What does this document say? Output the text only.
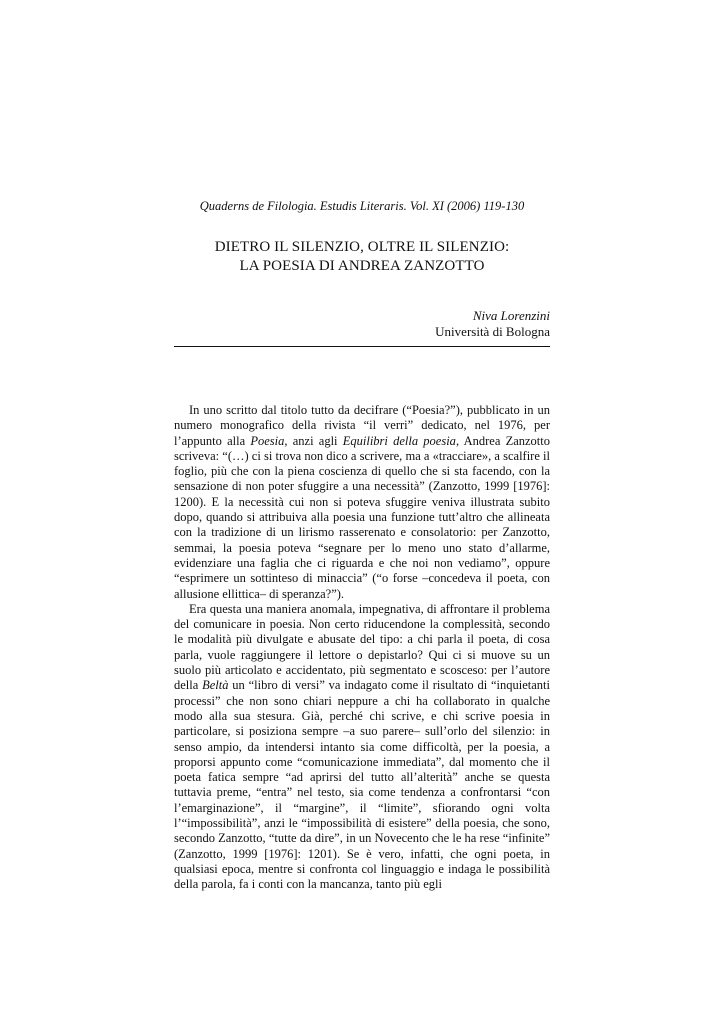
Quaderns de Filologia. Estudis Literaris. Vol. XI (2006) 119-130
DIETRO IL SILENZIO, OLTRE IL SILENZIO:
LA POESIA DI ANDREA ZANZOTTO
Niva Lorenzini
Università di Bologna

In uno scritto dal titolo tutto da decifrare (“Poesia?”), pubblicato in un numero monografico della rivista “il verri” dedicato, nel 1976, per l’appunto alla Poesia, anzi agli Equilibri della poesia, Andrea Zanzotto scriveva: “(…) ci si trova non dico a scrivere, ma a «tracciare», a scalfire il foglio, più che con la piena coscienza di quello che si sta facendo, con la sensazione di non poter sfuggire a una necessità” (Zanzotto, 1999 [1976]: 1200). E la necessità cui non si poteva sfuggire veniva illustrata subito dopo, quando si attribuiva alla poesia una funzione tutt’altro che allineata con la tradizione di un lirismo rasserenato e consolatorio: per Zanzotto, semmai, la poesia poteva “segnare per lo meno uno stato d’allarme, evidenziare una faglia che ci riguarda e che noi non vediamo”, oppure “esprimere un sottinteso di minaccia” (“o forse –concedeva il poeta, con allusione ellittica– di speranza?”).

Era questa una maniera anomala, impegnativa, di affrontare il problema del comunicare in poesia. Non certo riducendone la complessità, secondo le modalità più divulgate e abusate del tipo: a chi parla il poeta, di cosa parla, vuole raggiungere il lettore o depistarlo? Qui ci si muove su un suolo più articolato e accidentato, più segmentato e scosceso: per l’autore della Beltà un “libro di versi” va indagato come il risultato di “inquietanti processi” che non sono chiari neppure a chi ha collaborato in qualche modo alla sua stesura. Già, perché chi scrive, e chi scrive poesia in particolare, si posiziona sempre –a suo parere– sull’orlo del silenzio: in senso ampio, da intendersi intanto sia come difficoltà, per la poesia, a proporsi appunto come “comunicazione immediata”, dal momento che il poeta fatica sempre “ad aprirsi del tutto all’alterità” anche se questa tuttavia preme, “entra” nel testo, sia come tendenza a confrontarsi “con l’emarginazione”, il “margine”, il “limite”, sfiorando ogni volta l’“impossibilità”, anzi le “impossibilità di esistere” della poesia, che sono, secondo Zanzotto, “tutte da dire”, in un Novecento che le ha rese “infinite” (Zanzotto, 1999 [1976]: 1201). Se è vero, infatti, che ogni poeta, in qualsiasi epoca, mentre si confronta col linguaggio e indaga le possibilità della parola, fa i conti con la mancanza, tanto più egli
